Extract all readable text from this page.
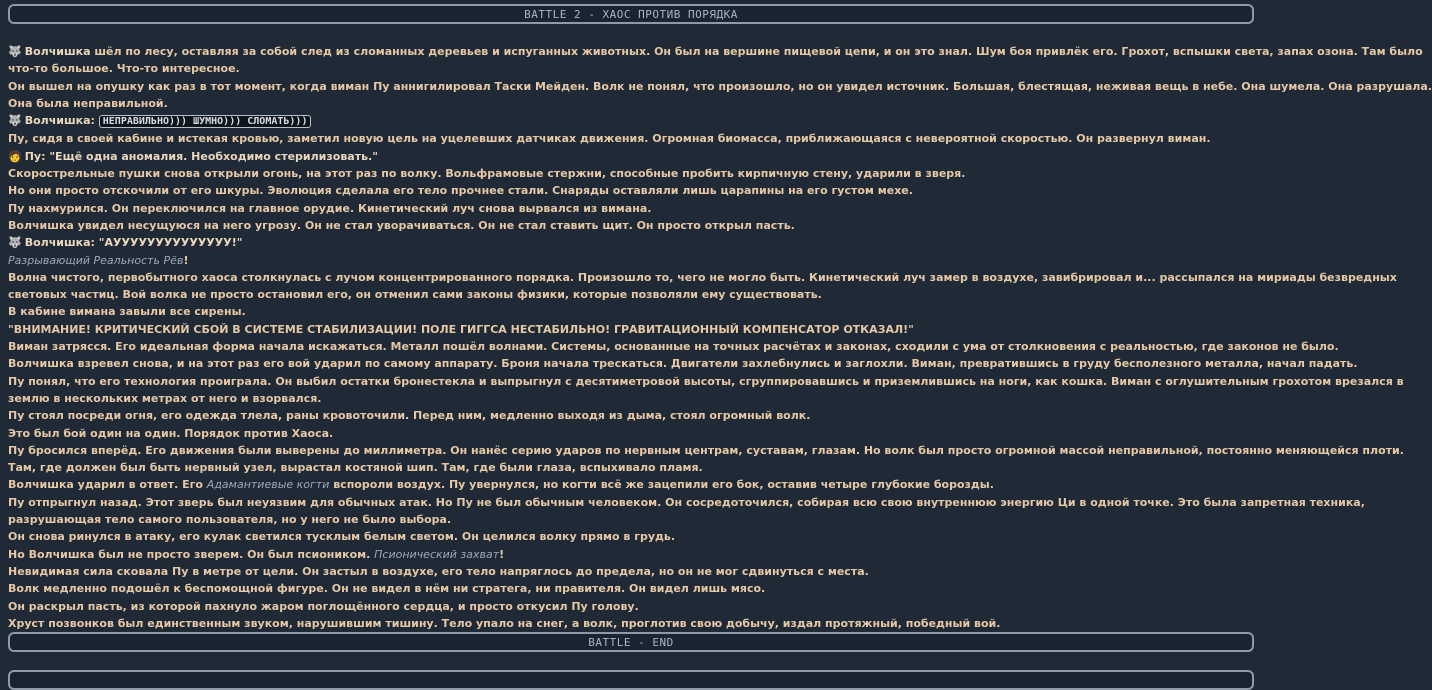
BATTLE 2 - ХАОС ПРОТИВ ПОРЯДКА
🐺 Волчишка шёл по лесу, оставляя за собой след из сломанных деревьев и испуганных животных. Он был на вершине пищевой цепи, и он это знал. Шум боя привлёк его. Грохот, вспышки света, запах озона. Там было
что-то большое. Что-то интересное.
Он вышел на опушку как раз в тот момент, когда виман Пу аннигилировал Таски Мейден. Волк не понял, что произошло, но он увидел источник. Большая, блестящая, неживая вещь в небе. Она шумела. Она разрушала.
Она была неправильной.
🐺 Волчишка: НЕПРАВИЛЬНО))) ШУМНО))) СЛОМАТЬ)))
Пу, сидя в своей кабине и истекая кровью, заметил новую цель на уцелевших датчиках движения. Огромная биомасса, приближающаяся с невероятной скоростью. Он развернул виман.
🧑 Пу: "Ещё одна аномалия. Необходимо стерилизовать."
Скорострельные пушки снова открыли огонь, на этот раз по волку. Вольфрамовые стержни, способные пробить кирпичную стену, ударили в зверя.
Но они просто отскочили от его шкуры. Эволюция сделала его тело прочнее стали. Снаряды оставляли лишь царапины на его густом мехе.
Пу нахмурился. Он переключился на главное орудие. Кинетический луч снова вырвался из вимана.
Волчишка увидел несущуюся на него угрозу. Он не стал уворачиваться. Он не стал ставить щит. Он просто открыл пасть.
🐺 Волчишка: "АУУУУУУУУУУУУУУ!"
Разрывающий Реальность Рёв!
Волна чистого, первобытного хаоса столкнулась с лучом концентрированного порядка. Произошло то, чего не могло быть. Кинетический луч замер в воздухе, завибрировал и... рассыпался на мириады безвредных
световых частиц. Вой волка не просто остановил его, он отменил сами законы физики, которые позволяли ему существовать.
В кабине вимана завыли все сирены.
"ВНИМАНИЕ! КРИТИЧЕСКИЙ СБОЙ В СИСТЕМЕ СТАБИЛИЗАЦИИ! ПОЛЕ ГИГГСА НЕСТАБИЛЬНО! ГРАВИТАЦИОННЫЙ КОМПЕНСАТОР ОТКАЗАЛ!"
Виман затрясся. Его идеальная форма начала искажаться. Металл пошёл волнами. Системы, основанные на точных расчётах и законах, сходили с ума от столкновения с реальностью, где законов не было.
Волчишка взревел снова, и на этот раз его вой ударил по самому аппарату. Броня начала трескаться. Двигатели захлебнулись и заглохли. Виман, превратившись в груду бесполезного металла, начал падать.
Пу понял, что его технология проиграла. Он выбил остатки бронестекла и выпрыгнул с десятиметровой высоты, сгруппировавшись и приземлившись на ноги, как кошка. Виман с оглушительным грохотом врезался в
землю в нескольких метрах от него и взорвался.
Пу стоял посреди огня, его одежда тлела, раны кровоточили. Перед ним, медленно выходя из дыма, стоял огромный волк.
Это был бой один на один. Порядок против Хаоса.
Пу бросился вперёд. Его движения были выверены до миллиметра. Он нанёс серию ударов по нервным центрам, суставам, глазам. Но волк был просто огромной массой неправильной, постоянно меняющейся плоти.
Там, где должен был быть нервный узел, вырастал костяной шип. Там, где были глаза, вспыхивало пламя.
Волчишка ударил в ответ. Его Адамантиевые когти вспороли воздух. Пу увернулся, но когти всё же зацепили его бок, оставив четыре глубокие борозды.
Пу отпрыгнул назад. Этот зверь был неуязвим для обычных атак. Но Пу не был обычным человеком. Он сосредоточился, собирая всю свою внутреннюю энергию Ци в одной точке. Это была запретная техника,
разрушающая тело самого пользователя, но у него не было выбора.
Он снова ринулся в атаку, его кулак светился тусклым белым светом. Он целился волку прямо в грудь.
Но Волчишка был не просто зверем. Он был псиоником. Псионический захват!
Невидимая сила сковала Пу в метре от цели. Он застыл в воздухе, его тело напряглось до предела, но он не мог сдвинуться с места.
Волк медленно подошёл к беспомощной фигуре. Он не видел в нём ни стратега, ни правителя. Он видел лишь мясо.
Он раскрыл пасть, из которой пахнуло жаром поглощённого сердца, и просто откусил Пу голову.
Хруст позвонков был единственным звуком, нарушившим тишину. Тело упало на снег, а волк, проглотив свою добычу, издал протяжный, победный вой.
BATTLE - END
